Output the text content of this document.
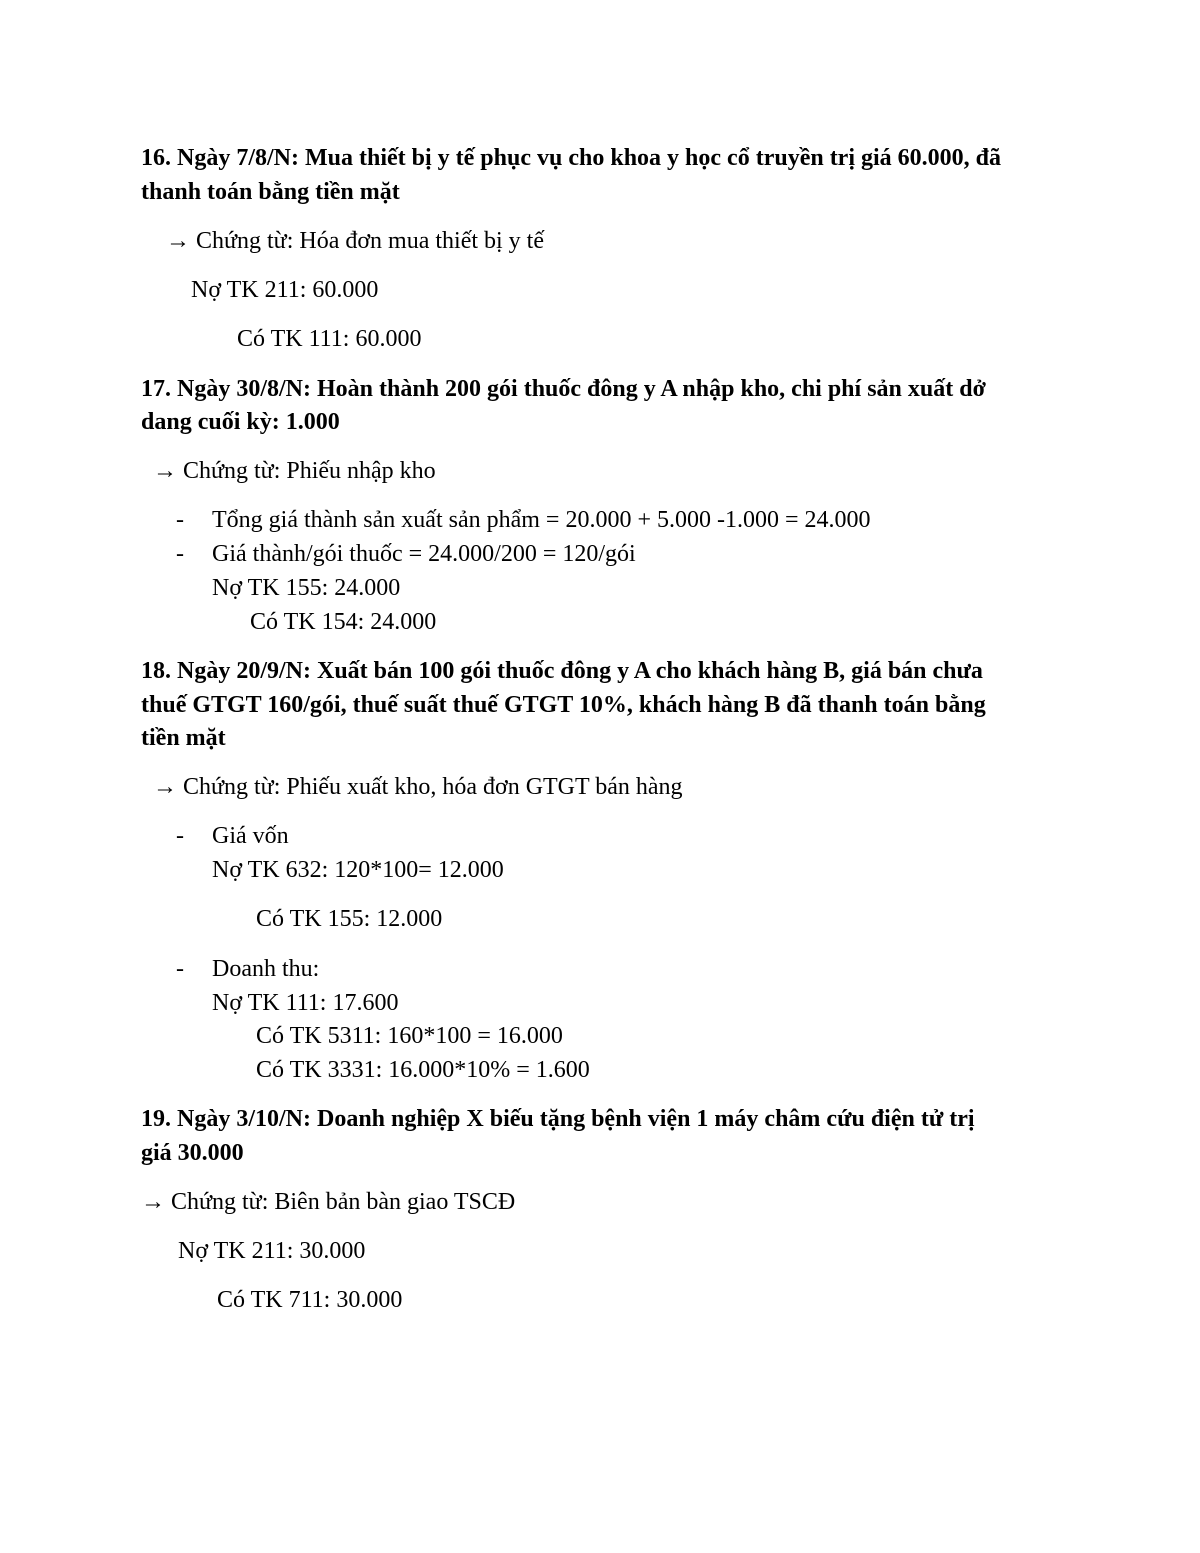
16. Ngày 7/8/N: Mua thiết bị y tế phục vụ cho khoa y học cổ truyền trị giá 60.000, đã
thanh toán bằng tiền mặt
→ Chứng từ: Hóa đơn mua thiết bị y tế
Nợ TK 211: 60.000
Có TK 111: 60.000
17. Ngày 30/8/N: Hoàn thành 200 gói thuốc đông y A nhập kho, chi phí sản xuất dở
dang cuối kỳ: 1.000
→ Chứng từ: Phiếu nhập kho
- Tổng giá thành sản xuất sản phẩm = 20.000 + 5.000 -1.000 = 24.000
- Giá thành/gói thuốc = 24.000/200 = 120/gói
Nợ TK 155: 24.000
Có TK 154: 24.000
18. Ngày 20/9/N: Xuất bán 100 gói thuốc đông y A cho khách hàng B, giá bán chưa
thuế GTGT 160/gói, thuế suất thuế GTGT 10%, khách hàng B đã thanh toán bằng
tiền mặt
→ Chứng từ: Phiếu xuất kho, hóa đơn GTGT bán hàng
- Giá vốn
Nợ TK 632: 120*100= 12.000
Có TK 155: 12.000
- Doanh thu:
Nợ TK 111: 17.600
Có TK 5311: 160*100 = 16.000
Có TK 3331: 16.000*10% = 1.600
19. Ngày 3/10/N: Doanh nghiệp X biếu tặng bệnh viện 1 máy châm cứu điện tử trị
giá 30.000
→ Chứng từ: Biên bản bàn giao TSCĐ
Nợ TK 211: 30.000
Có TK 711: 30.000
